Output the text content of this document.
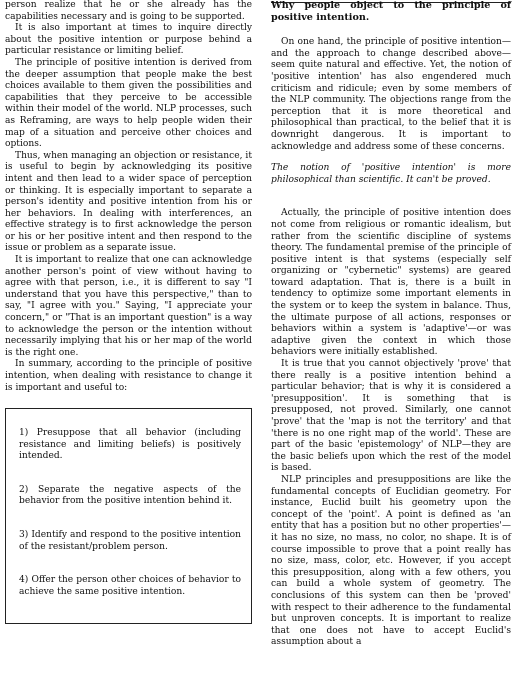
person realize that he or she already has the capabilities necessary and is going to be supported.

It is also important at times to inquire directly about the positive intention or purpose behind a particular resistance or limiting belief.

The principle of positive intention is derived from the deeper assumption that people make the best choices available to them given the possibilities and capabilities that they perceive to be accessible within their model of the world. NLP processes, such as Reframing, are ways to help people widen their map of a situation and perceive other choices and options.

Thus, when managing an objection or resistance, it is useful to begin by acknowledging its positive intent and then lead to a wider space of perception or thinking. It is especially important to separate a person's identity and positive intention from his or her behaviors. In dealing with interferences, an effective strategy is to first acknowledge the person or his or her positive intent and then respond to the issue or problem as a separate issue.

It is important to realize that one can acknowledge another person's point of view without having to agree with that person, i.e., it is different to say "I understand that you have this perspective," than to say, "I agree with you." Saying, "I appreciate your concern," or "That is an important question" is a way to acknowledge the person or the intention without necessarily implying that his or her map of the world is the right one.

In summary, according to the principle of positive intention, when dealing with resistance to change it is important and useful to:

1) Presuppose that all behavior (including resistance and limiting beliefs) is positively intended.

2) Separate the negative aspects of the behavior from the positive intention behind it.

3) Identify and respond to the positive intention of the resistant/problem person.

4) Offer the person other choices of behavior to achieve the same positive intention.

Why people object to the principle of positive intention.

On one hand, the principle of positive intention—and the approach to change described above— seem quite natural and effective. Yet, the notion of 'positive intention' has also engendered much criticism and ridicule; even by some members of the NLP community. The objections range from the perception that it is more theoretical and philosophical than practical, to the belief that it is downright dangerous. It is important to acknowledge and address some of these concerns.

The notion of 'positive intention' is more philosophical than scientific. It can't be proved.

Actually, the principle of positive intention does not come from religious or romantic idealism, but rather from the scientific discipline of systems theory. The fundamental premise of the principle of positive intent is that systems (especially self organizing or "cybernetic" systems) are geared toward adaptation. That is, there is a built in tendency to optimize some important elements in the system or to keep the system in balance. Thus, the ultimate purpose of all actions, responses or behaviors within a system is 'adaptive'—or was adaptive given the context in which those behaviors were initially established.

It is true that you cannot objectively 'prove' that there really is a positive intention behind a particular behavior; that is why it is considered a 'presupposition'. It is something that is presupposed, not proved. Similarly, one cannot 'prove' that the 'map is not the territory' and that 'there is no one right map of the world'. These are part of the basic 'epistemology' of NLP—they are the basic beliefs upon which the rest of the model is based.

NLP principles and presuppositions are like the fundamental concepts of Euclidian geometry. For instance, Euclid built his geometry upon the concept of the 'point'. A point is defined as 'an entity that has a position but no other properties'—it has no size, no mass, no color, no shape. It is of course impossible to prove that a point really has no size, mass, color, etc. However, if you accept this presupposition, along with a few others, you can build a whole system of geometry. The conclusions of this system can then be 'proved' with respect to their adherence to the fundamental but unproven concepts. It is important to realize that one does not have to accept Euclid's assumption about a
